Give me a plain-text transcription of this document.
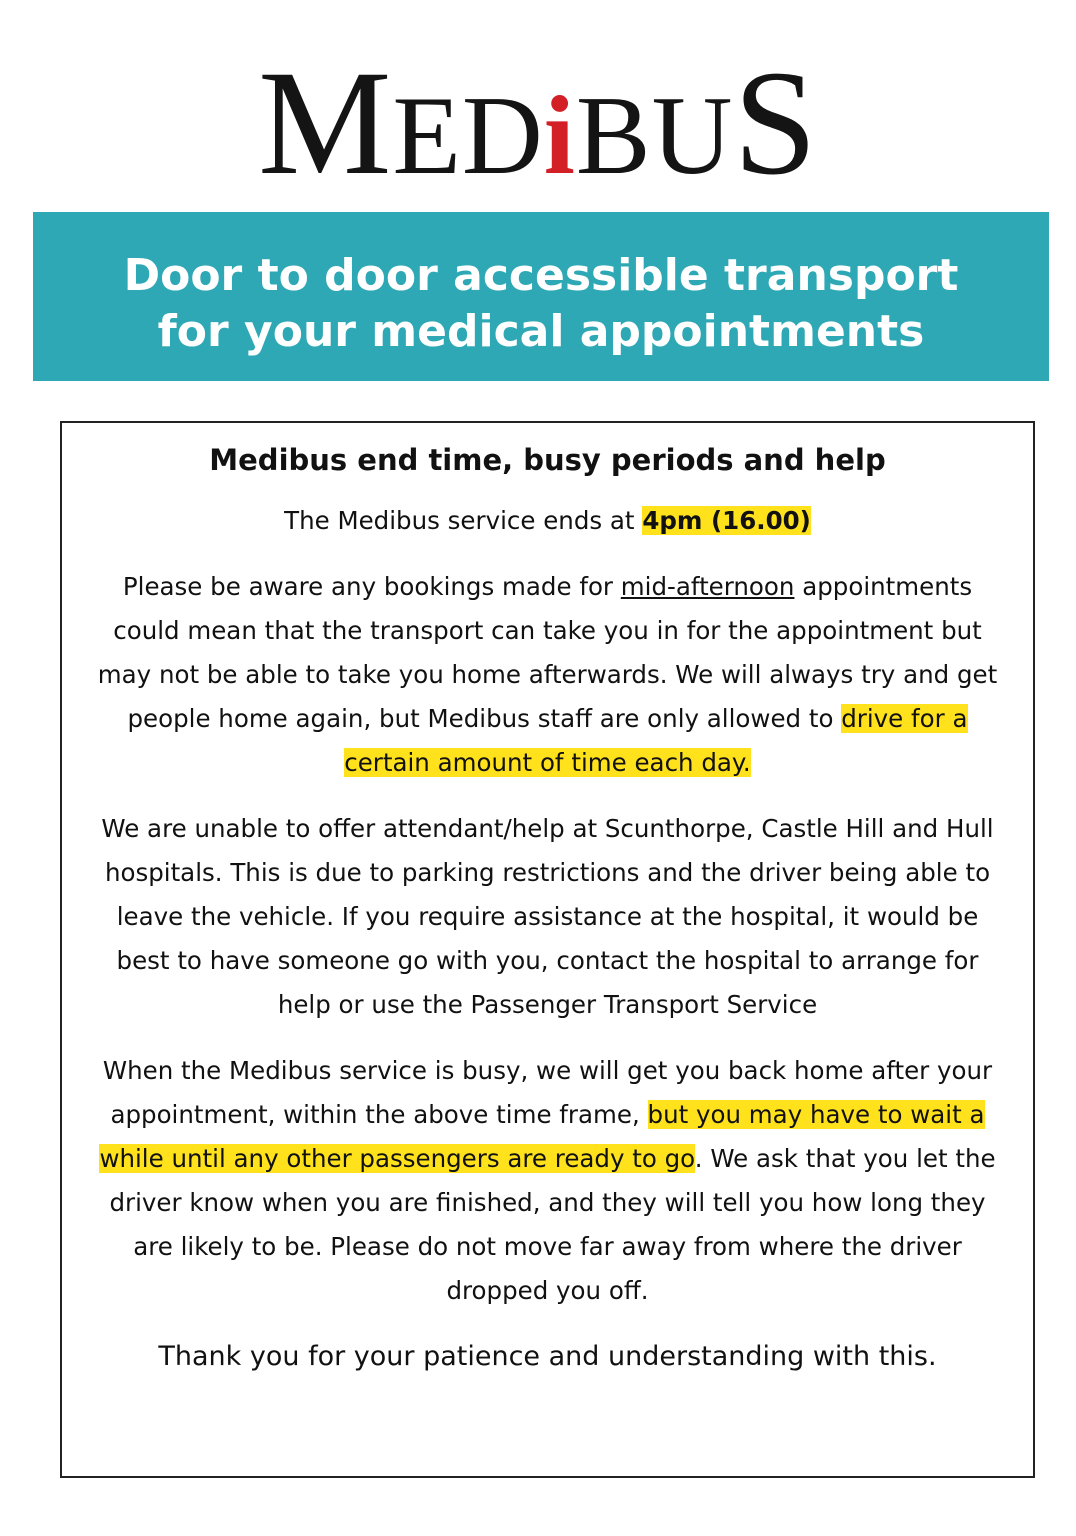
MEDiBUS
Door to door accessible transport
for your medical appointments
Medibus end time, busy periods and help

The Medibus service ends at 4pm (16.00)

Please be aware any bookings made for mid-afternoon appointments could mean that the transport can take you in for the appointment but may not be able to take you home afterwards. We will always try and get people home again, but Medibus staff are only allowed to drive for a certain amount of time each day.

We are unable to offer attendant/help at Scunthorpe, Castle Hill and Hull hospitals. This is due to parking restrictions and the driver being able to leave the vehicle. If you require assistance at the hospital, it would be best to have someone go with you, contact the hospital to arrange for help or use the Passenger Transport Service

When the Medibus service is busy, we will get you back home after your appointment, within the above time frame, but you may have to wait a while until any other passengers are ready to go. We ask that you let the driver know when you are finished, and they will tell you how long they are likely to be. Please do not move far away from where the driver dropped you off.

Thank you for your patience and understanding with this.
